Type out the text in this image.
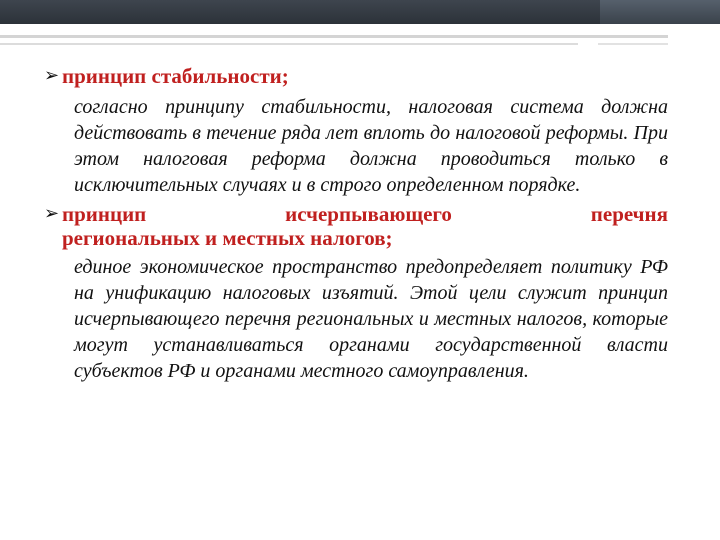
➢ принцип стабильности;
согласно принципу стабильности, налоговая система должна действовать в течение ряда лет вплоть до налоговой реформы. При этом налоговая реформа должна проводиться только в исключительных случаях и в строго определенном порядке.
➢ принцип исчерпывающего перечня
региональных и местных налогов;
единое экономическое пространство предопределяет политику РФ на унификацию налоговых изъятий. Этой цели служит принцип исчерпывающего перечня региональных и местных налогов, которые могут устанавливаться органами государственной власти субъектов РФ и органами местного самоуправления.
